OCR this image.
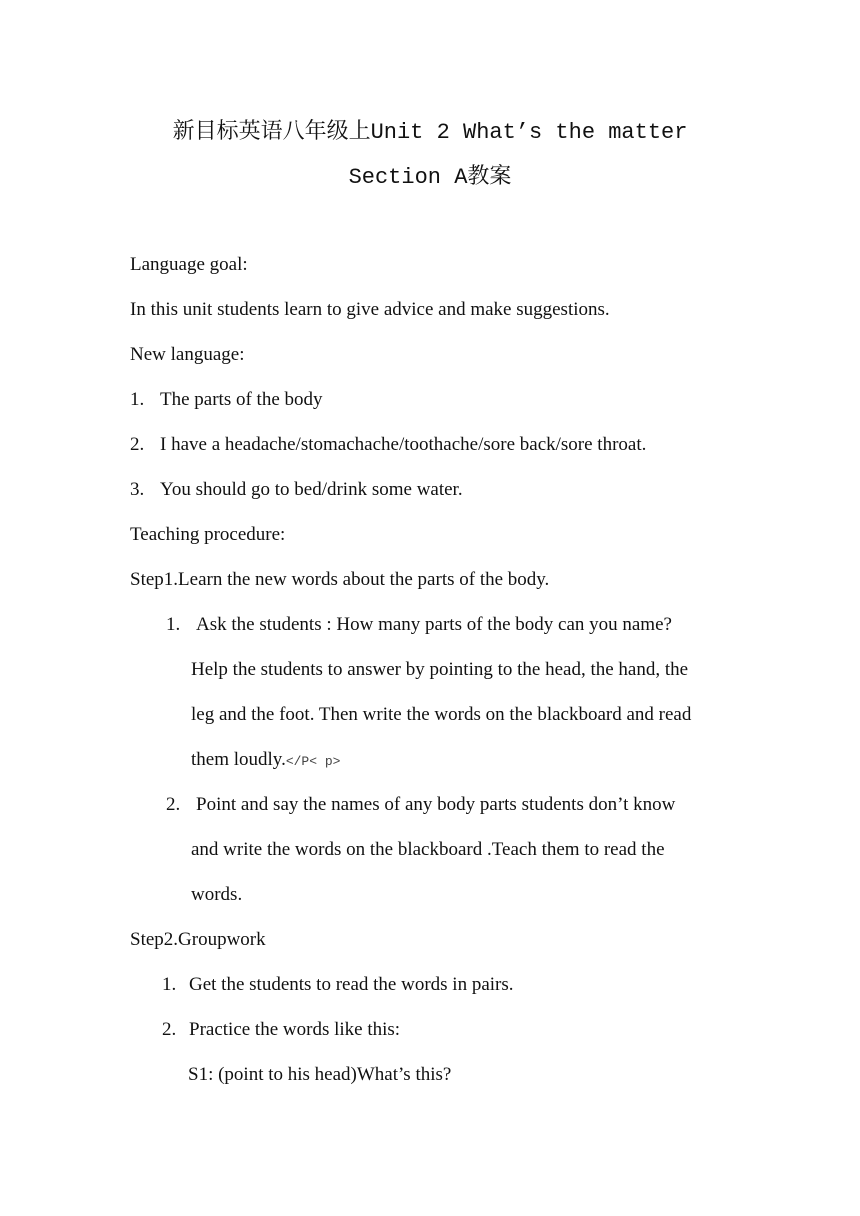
新目标英语八年级上Unit 2 What’s the matter
Section A教案
Language goal:
In this unit students learn to give advice and make suggestions.
New language:
1. The parts of the body
2. I have a headache/stomachache/toothache/sore back/sore throat.
3. You should go to bed/drink some water.
Teaching procedure:
Step1.Learn the new words about the parts of the body.
1. Ask the students : How many parts of the body can you name?
Help the students to answer by pointing to the head, the hand, the
leg and the foot. Then write the words on the blackboard and read
them loudly.</P< p>
2. Point and say the names of any body parts students don’t know
and write the words on the blackboard .Teach them to read the
words.
Step2.Groupwork
1. Get the students to read the words in pairs.
2. Practice the words like this:
S1: (point to his head)What’s this?
